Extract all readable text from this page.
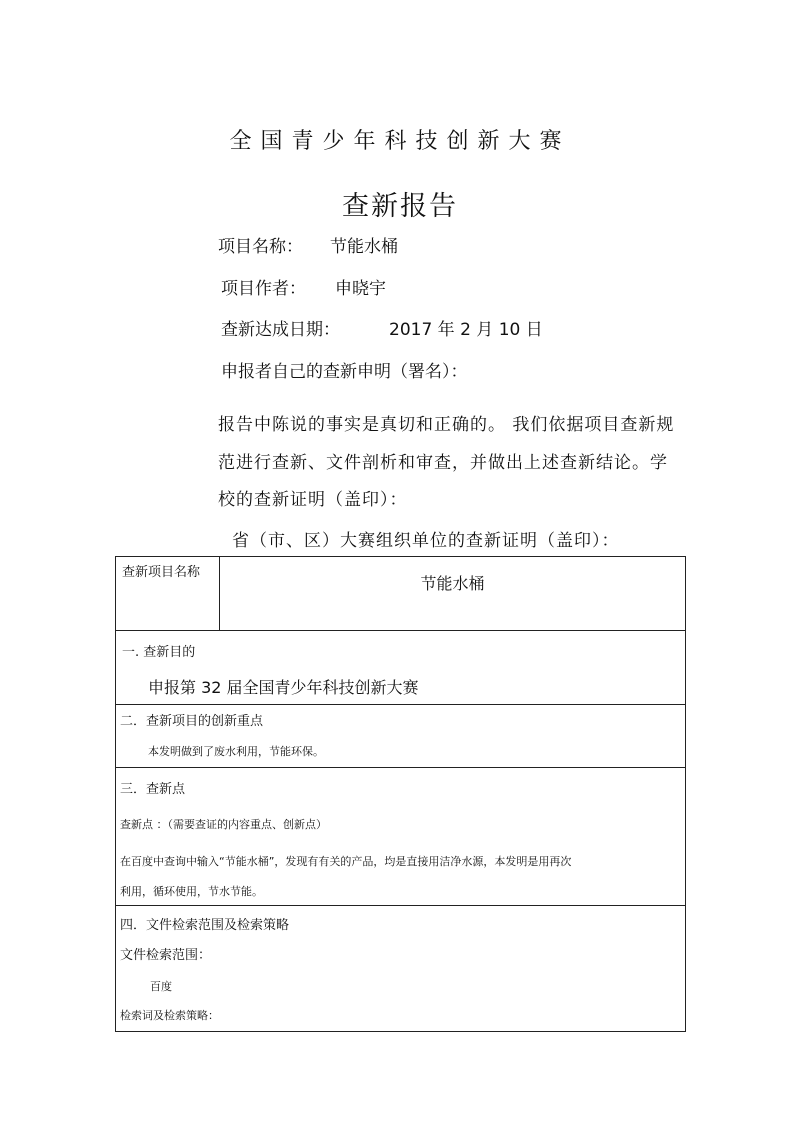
全国青少年科技创新大赛
查新报告
项目名称： 节能水桶
项目作者： 申晓宇
查新达成日期：	2017 年 2 月 10 日
申报者自己的查新申明（署名）：
报告中陈说的事实是真切和正确的。 我们依据项目查新规
范进行查新、文件剖析和审查，并做出上述查新结论。学
校的查新证明（盖印）：
省（市、区）大赛组织单位的查新证明（盖印）：
查新项目名称	节能水桶

一. 查新目的
申报第 32 届全国青少年科技创新大赛

二．查新项目的创新重点
本发明做到了废水利用，节能环保。

三．查新点
查新点 ：（需要查证的内容重点、创新点）
在百度中查询中输入“节能水桶”，发现有有关的产品，均是直接用洁净水源，本发明是用再次
利用，循环使用，节水节能。

四．文件检索范围及检索策略
文件检索范围：
百度
检索词及检索策略：
